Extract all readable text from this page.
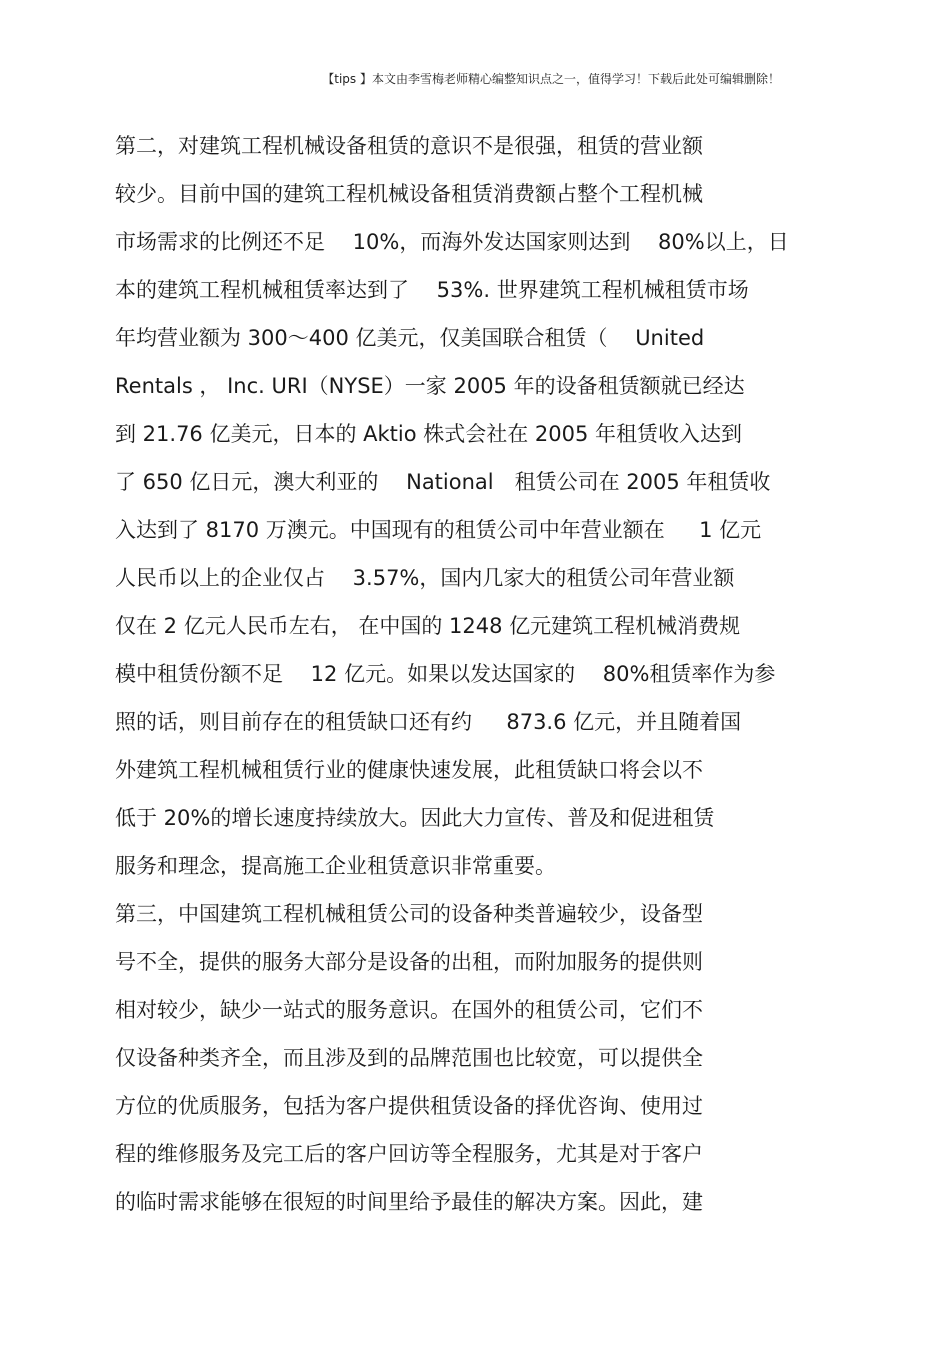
【tips 】本文由李雪梅老师精心编整知识点之一，值得学习！下载后此处可编辑删除！
第二，对建筑工程机械设备租赁的意识不是很强，租赁的营业额
较少。目前中国的建筑工程机械设备租赁消费额占整个工程机械
市场需求的比例还不足 　10%，而海外发达国家则达到 　80%以上，日
本的建筑工程机械租赁率达到了 　53%. 世界建筑工程机械租赁市场
年均营业额为 300～400 亿美元，仅美国联合租赁（ 　United
Rentals ， Inc. URI（NYSE）一家 2005 年的设备租赁额就已经达
到 21.76 亿美元，日本的 Aktio 株式会社在 2005 年租赁收入达到
了 650 亿日元，澳大利亚的 　National　租赁公司在 2005 年租赁收
入达到了 8170 万澳元。中国现有的租赁公司中年营业额在 　 1 亿元
人民币以上的企业仅占 　3.57%，国内几家大的租赁公司年营业额
仅在 2 亿元人民币左右， 在中国的 1248 亿元建筑工程机械消费规
模中租赁份额不足 　12 亿元。如果以发达国家的 　80%租赁率作为参
照的话，则目前存在的租赁缺口还有约 　 873.6 亿元，并且随着国
外建筑工程机械租赁行业的健康快速发展，此租赁缺口将会以不
低于 20%的增长速度持续放大。因此大力宣传、普及和促进租赁
服务和理念，提高施工企业租赁意识非常重要。
第三，中国建筑工程机械租赁公司的设备种类普遍较少，设备型
号不全，提供的服务大部分是设备的出租，而附加服务的提供则
相对较少，缺少一站式的服务意识。在国外的租赁公司，它们不
仅设备种类齐全，而且涉及到的品牌范围也比较宽，可以提供全
方位的优质服务，包括为客户提供租赁设备的择优咨询、使用过
程的维修服务及完工后的客户回访等全程服务，尤其是对于客户
的临时需求能够在很短的时间里给予最佳的解决方案。因此，建
